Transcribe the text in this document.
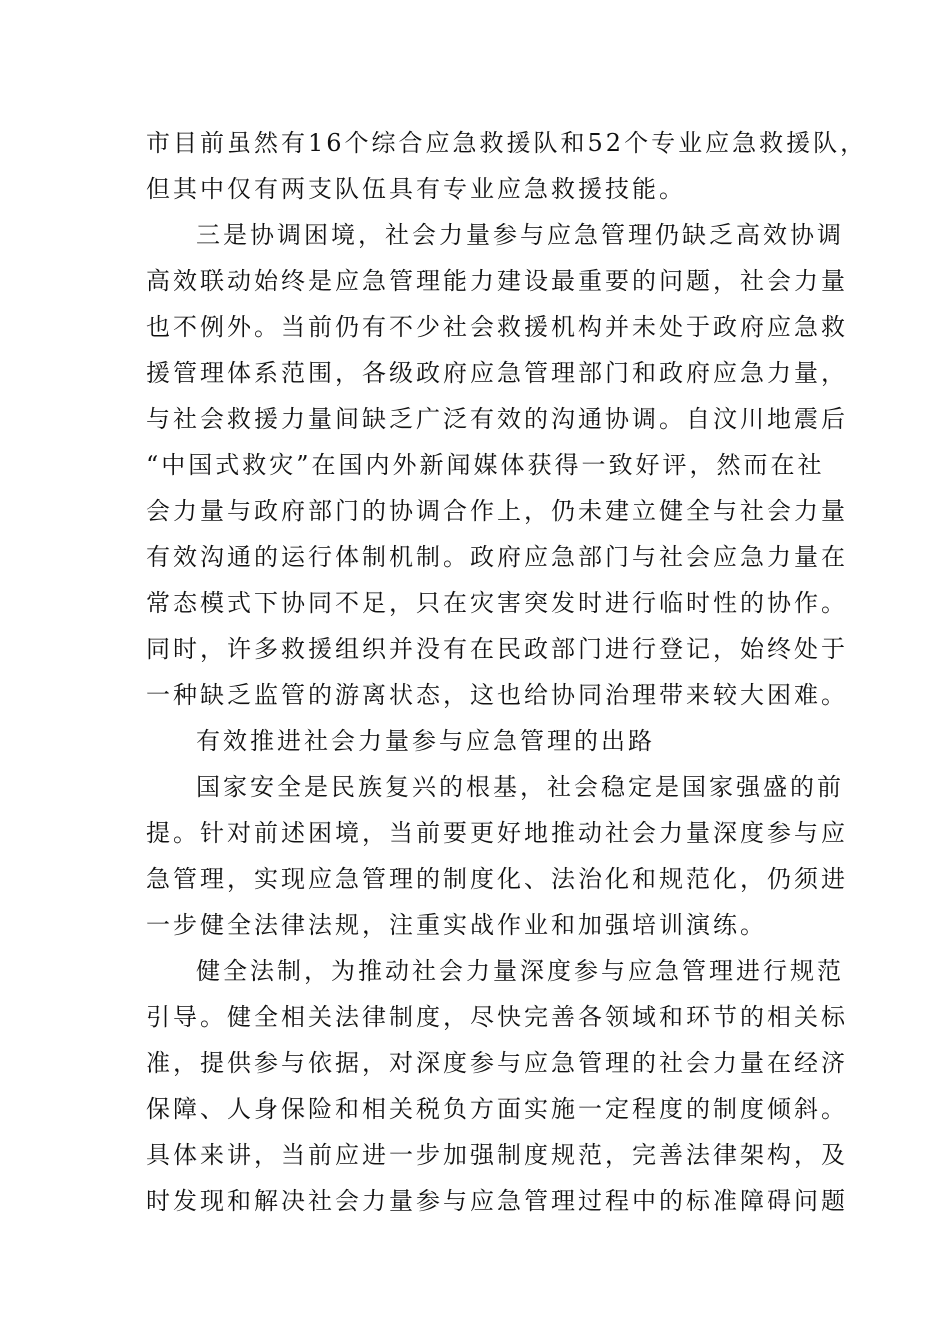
市目前虽然有16个综合应急救援队和52个专业应急救援队，
但其中仅有两支队伍具有专业应急救援技能。
三是协调困境，社会力量参与应急管理仍缺乏高效协调
高效联动始终是应急管理能力建设最重要的问题，社会力量
也不例外。当前仍有不少社会救援机构并未处于政府应急救
援管理体系范围，各级政府应急管理部门和政府应急力量，
与社会救援力量间缺乏广泛有效的沟通协调。自汶川地震后
“中国式救灾”在国内外新闻媒体获得一致好评，然而在社
会力量与政府部门的协调合作上，仍未建立健全与社会力量
有效沟通的运行体制机制。政府应急部门与社会应急力量在
常态模式下协同不足，只在灾害突发时进行临时性的协作。
同时，许多救援组织并没有在民政部门进行登记，始终处于
一种缺乏监管的游离状态，这也给协同治理带来较大困难。
有效推进社会力量参与应急管理的出路
国家安全是民族复兴的根基，社会稳定是国家强盛的前
提。针对前述困境，当前要更好地推动社会力量深度参与应
急管理，实现应急管理的制度化、法治化和规范化，仍须进
一步健全法律法规，注重实战作业和加强培训演练。
健全法制，为推动社会力量深度参与应急管理进行规范
引导。健全相关法律制度，尽快完善各领域和环节的相关标
准，提供参与依据，对深度参与应急管理的社会力量在经济
保障、人身保险和相关税负方面实施一定程度的制度倾斜。
具体来讲，当前应进一步加强制度规范，完善法律架构，及
时发现和解决社会力量参与应急管理过程中的标准障碍问题
